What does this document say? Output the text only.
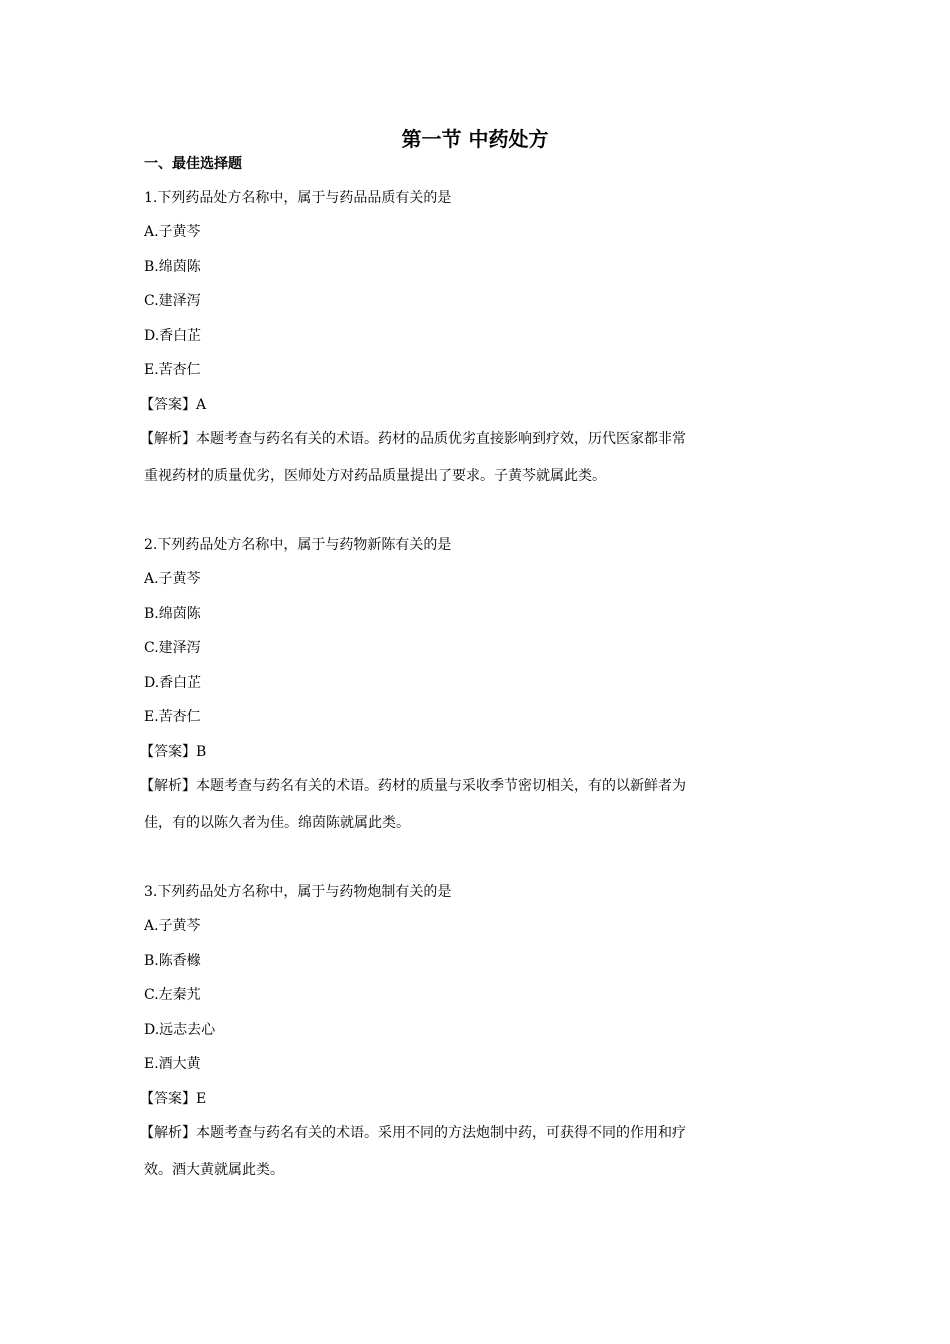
第一节 中药处方
一、最佳选择题
1.下列药品处方名称中，属于与药品品质有关的是
A.子黄芩
B.绵茵陈
C.建泽泻
D.香白芷
E.苦杏仁
【答案】A
【解析】本题考查与药名有关的术语。药材的品质优劣直接影响到疗效，历代医家都非常
重视药材的质量优劣，医师处方对药品质量提出了要求。子黄芩就属此类。
2.下列药品处方名称中，属于与药物新陈有关的是
A.子黄芩
B.绵茵陈
C.建泽泻
D.香白芷
E.苦杏仁
【答案】B
【解析】本题考查与药名有关的术语。药材的质量与采收季节密切相关，有的以新鲜者为
佳，有的以陈久者为佳。绵茵陈就属此类。
3.下列药品处方名称中，属于与药物炮制有关的是
A.子黄芩
B.陈香橼
C.左秦艽
D.远志去心
E.酒大黄
【答案】E
【解析】本题考查与药名有关的术语。采用不同的方法炮制中药，可获得不同的作用和疗
效。酒大黄就属此类。
